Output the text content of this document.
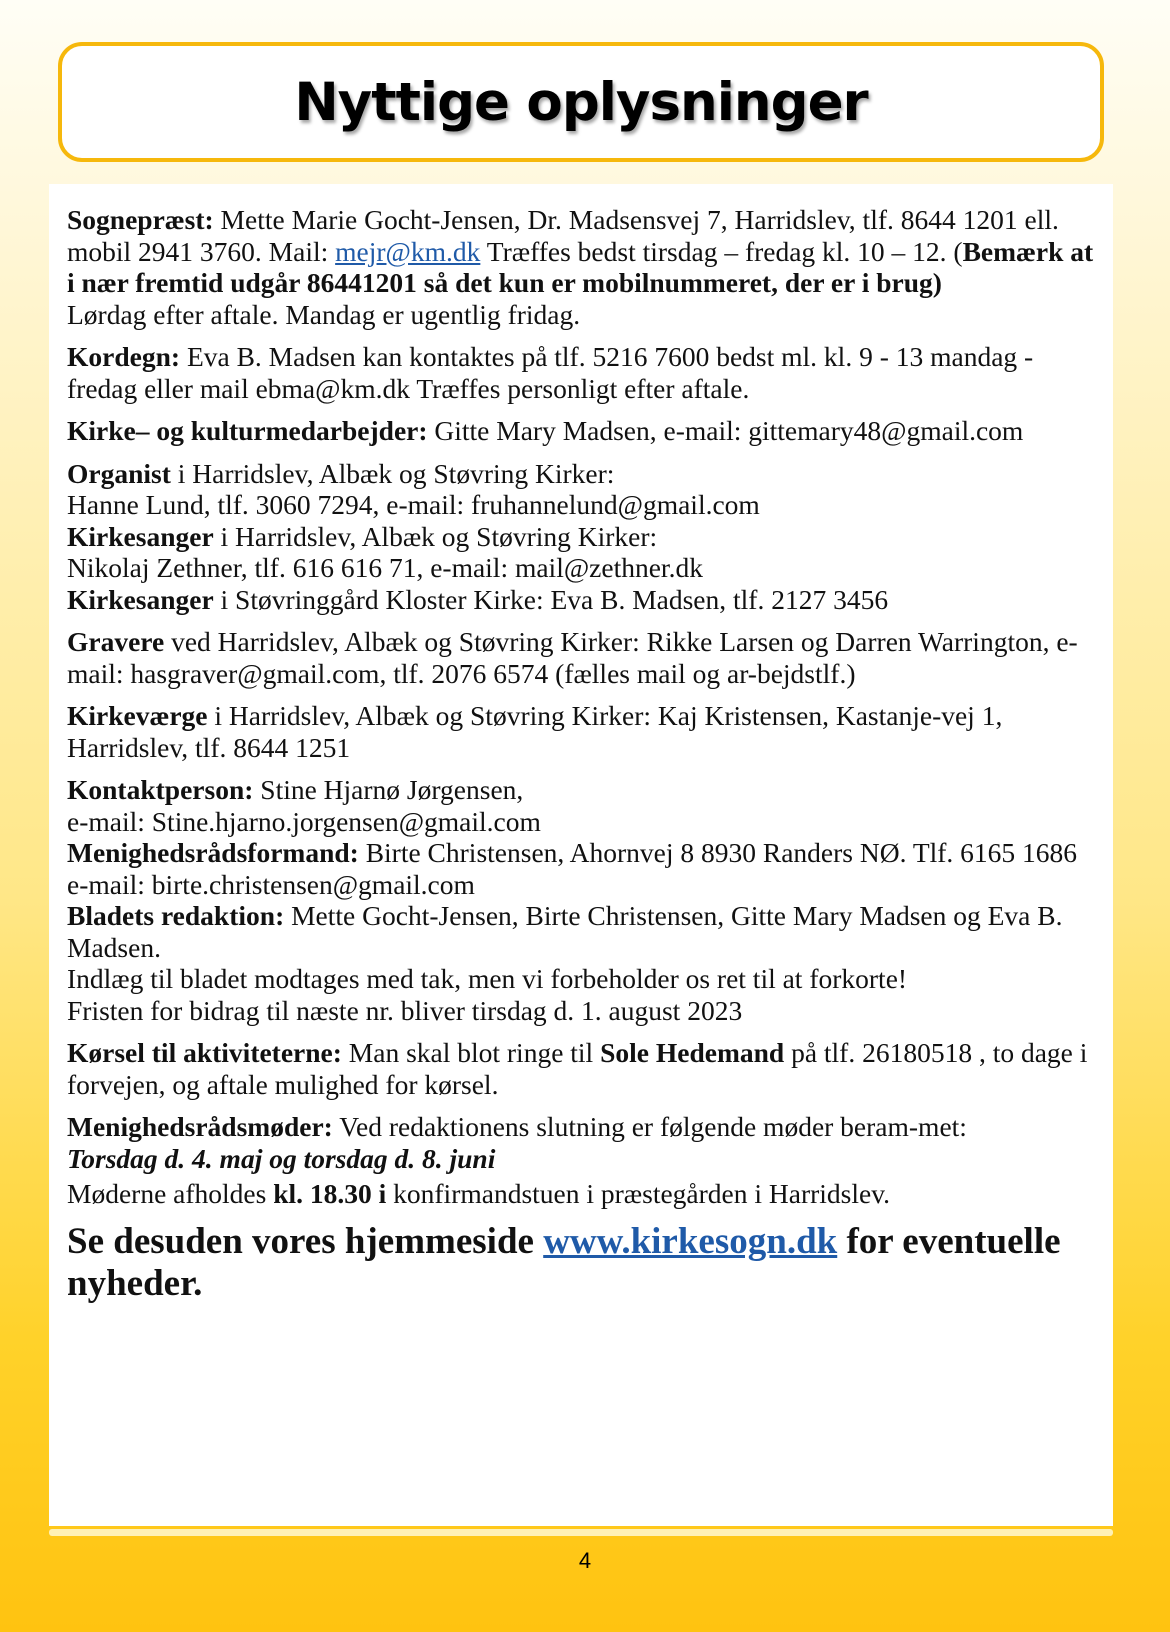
Nyttige oplysninger

Sognepræst: Mette Marie Gocht-Jensen, Dr. Madsensvej 7, Harridslev, tlf. 8644 1201 ell. mobil 2941 3760. Mail: mejr@km.dk Træffes bedst tirsdag – fredag kl. 10 – 12. (Bemærk at i nær fremtid udgår 86441201 så det kun er mobilnummeret, der er i brug)
Lørdag efter aftale. Mandag er ugentlig fridag.

Kordegn: Eva B. Madsen kan kontaktes på tlf. 5216 7600 bedst ml. kl. 9 - 13 mandag - fredag eller mail ebma@km.dk Træffes personligt efter aftale.

Kirke– og kulturmedarbejder: Gitte Mary Madsen, e-mail: gittemary48@gmail.com

Organist i Harridslev, Albæk og Støvring Kirker:
Hanne Lund, tlf. 3060 7294, e-mail: fruhannelund@gmail.com
Kirkesanger i Harridslev, Albæk og Støvring Kirker:
Nikolaj Zethner, tlf. 616 616 71, e-mail: mail@zethner.dk
Kirkesanger i Støvringgård Kloster Kirke: Eva B. Madsen, tlf. 2127 3456

Gravere ved Harridslev, Albæk og Støvring Kirker: Rikke Larsen og Darren Warrington, e-mail: hasgraver@gmail.com, tlf. 2076 6574 (fælles mail og ar-bejdstlf.)

Kirkeværge i Harridslev, Albæk og Støvring Kirker: Kaj Kristensen, Kastanje-vej 1, Harridslev, tlf. 8644 1251

Kontaktperson: Stine Hjarnø Jørgensen,
e-mail: Stine.hjarno.jorgensen@gmail.com
Menighedsrådsformand: Birte Christensen, Ahornvej 8 8930 Randers NØ. Tlf. 6165 1686 e-mail: birte.christensen@gmail.com
Bladets redaktion: Mette Gocht-Jensen, Birte Christensen, Gitte Mary Madsen og Eva B. Madsen.
Indlæg til bladet modtages med tak, men vi forbeholder os ret til at forkorte!
Fristen for bidrag til næste nr. bliver tirsdag d. 1. august 2023

Kørsel til aktiviteterne: Man skal blot ringe til Sole Hedemand på tlf. 26180518 , to dage i forvejen, og aftale mulighed for kørsel.

Menighedsrådsmøder: Ved redaktionens slutning er følgende møder beram-met:
Torsdag d. 4. maj og torsdag d. 8. juni

Møderne afholdes kl. 18.30 i konfirmandstuen i præstegården i Harridslev.

Se desuden vores hjemmeside www.kirkesogn.dk for eventuelle nyheder.

4
